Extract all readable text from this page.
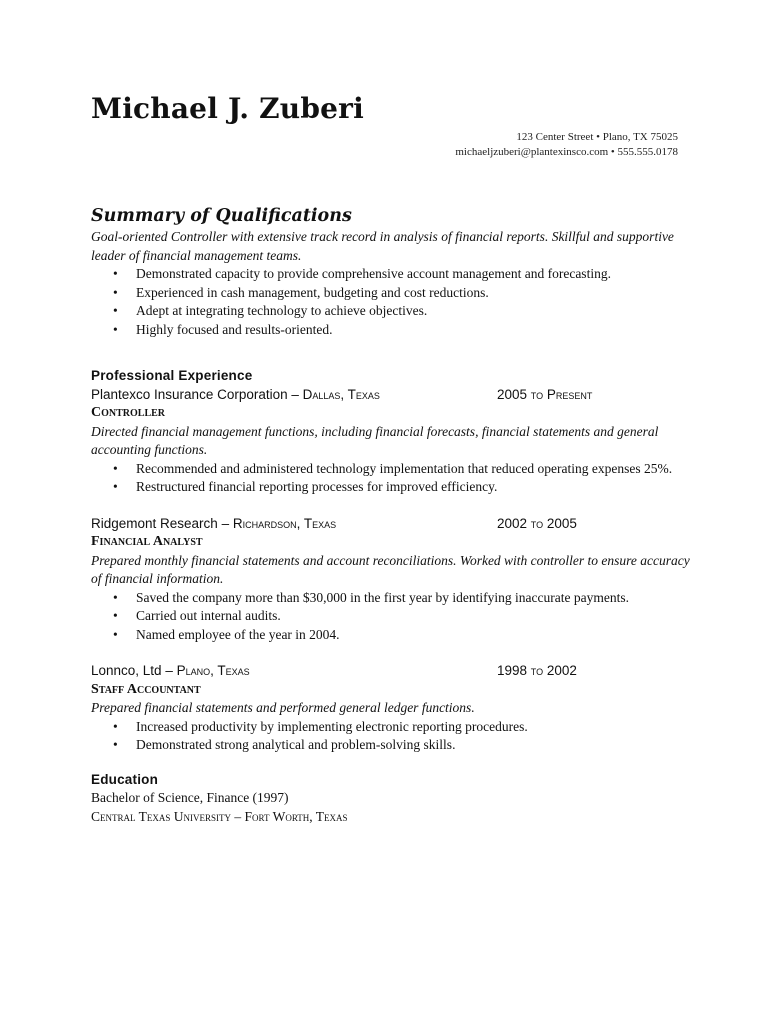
Michael J. Zuberi
123 Center Street • Plano, TX 75025
michaeljzuberi@plantexinsco.com • 555.555.0178
Summary of Qualifications

Goal-oriented Controller with extensive track record in analysis of financial reports. Skillful and supportive leader of financial management teams.

• Demonstrated capacity to provide comprehensive account management and forecasting.
• Experienced in cash management, budgeting and cost reductions.
• Adept at integrating technology to achieve objectives.
• Highly focused and results-oriented.
Professional Experience
Plantexco Insurance Corporation – Dallas, Texas	2005 to Present

Controller

Directed financial management functions, including financial forecasts, financial statements and general accounting functions.

• Recommended and administered technology implementation that reduced operating expenses 25%.
• Restructured financial reporting processes for improved efficiency.
Ridgemont Research – Richardson, Texas	2002 to 2005

Financial Analyst

Prepared monthly financial statements and account reconciliations. Worked with controller to ensure accuracy of financial information.

• Saved the company more than $30,000 in the first year by identifying inaccurate payments.
• Carried out internal audits.
• Named employee of the year in 2004.
Lonnco, Ltd – Plano, Texas	1998 to 2002

Staff Accountant

Prepared financial statements and performed general ledger functions.

• Increased productivity by implementing electronic reporting procedures.
• Demonstrated strong analytical and problem-solving skills.
Education

Bachelor of Science, Finance (1997)

Central Texas University – Fort Worth, Texas
